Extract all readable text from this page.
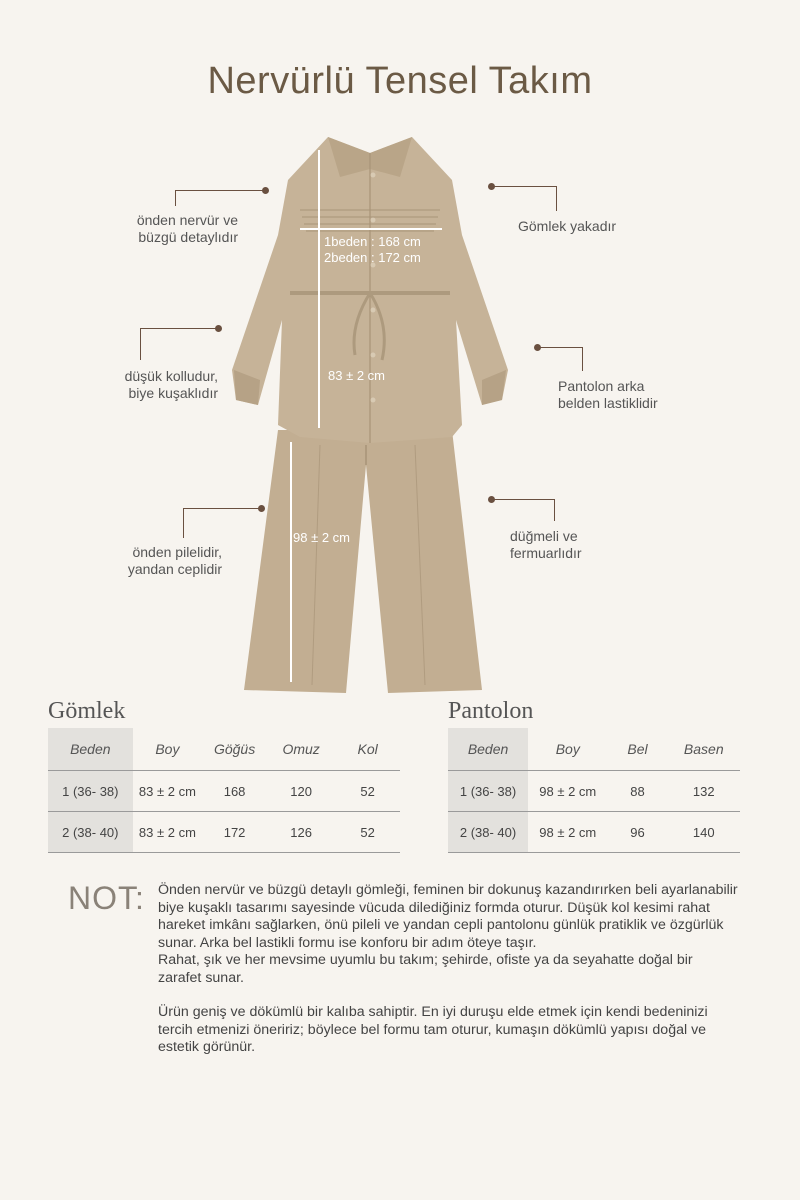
Nervürlü Tensel Takım
1beden : 168 cm
2beden : 172 cm
83 ± 2 cm
98 ± 2 cm
önden nervür ve
büzgü detaylıdır
Gömlek yakadır
düşük kolludur,
biye kuşaklıdır	Pantolon arka
belden lastiklidir
önden pilelidir,
yandan ceplidir
düğmeli ve
fermuarlıdır
Gömlek
Beden	Boy	Göğüs	Omuz	Kol
1 (36- 38)	83 ± 2 cm	168	120	52
2 (38- 40)	83 ± 2 cm	172	126	52
Pantolon
Beden	Boy	Bel	Basen
1 (36- 38)	98 ± 2 cm	88	132
2 (38- 40)	98 ± 2 cm	96	140
NOT: Önden nervür ve büzgü detaylı gömleği, feminen bir dokunuş kazandırırken beli ayarlanabilir biye kuşaklı tasarımı sayesinde vücuda dilediğiniz formda oturur. Düşük kol kesimi rahat hareket imkânı sağlarken, önü pileli ve yandan cepli pantolonu günlük pratiklik ve özgürlük sunar. Arka bel lastikli formu ise konforu bir adım öteye taşır.
Rahat, şık ve her mevsime uyumlu bu takım; şehirde, ofiste ya da seyahatte doğal bir zarafet sunar.

Ürün geniş ve dökümlü bir kalıba sahiptir. En iyi duruşu elde etmek için kendi bedeninizi tercih etmenizi öneririz; böylece bel formu tam oturur, kumaşın dökümlü yapısı doğal ve estetik görünür.
